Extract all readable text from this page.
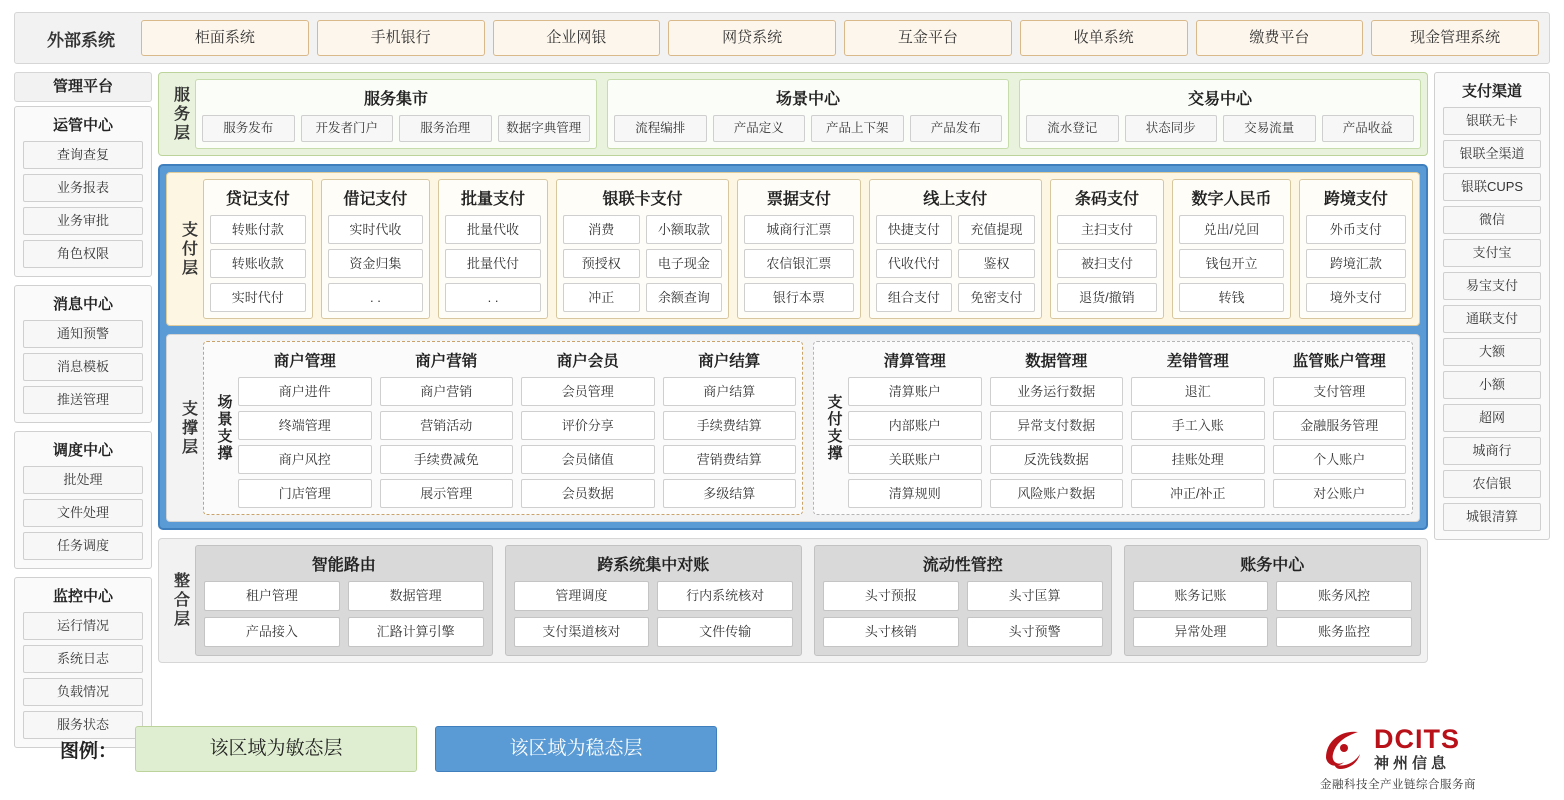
外部系统	柜面系统	手机银行	企业网银	网贷系统	互金平台	收单系统	缴费平台	现金管理系统
管理平台
运管中心
查询查复
业务报表
业务审批
角色权限
消息中心
通知预警
消息模板
推送管理
调度中心
批处理
文件处理
任务调度
监控中心
运行情况
系统日志
负载情况
服务状态
支付渠道
银联无卡
银联全渠道
银联CUPS
微信
支付宝
易宝支付
通联支付
大额
小额
超网
城商行
农信银
城银清算
服务层	服务集市
服务发布	开发者门户	服务治理	数据字典管理
场景中心
流程编排	产品定义	产品上下架	产品发布
交易中心
流水登记	状态同步	交易流量	产品收益
支付层
贷记支付
转账付款
转账收款
实时代付
借记支付
实时代收
资金归集
. .
批量支付
批量代收
批量代付
. .
银联卡支付
消费	小额取款
预授权	电子现金
冲正	余额查询
票据支付
城商行汇票
农信银汇票
银行本票
线上支付
快捷支付	充值提现
代收代付	鉴权
组合支付	免密支付
条码支付
主扫支付
被扫支付
退货/撤销
数字人民币
兑出/兑回
钱包开立
转钱
跨境支付
外币支付
跨境汇款
境外支付
支撑层	场景支撑
商户管理
商户进件
终端管理
商户风控
门店管理
商户营销
商户营销
营销活动
手续费减免
展示管理
商户会员
会员管理
评价分享
会员储值
会员数据
商户结算
商户结算
手续费结算
营销费结算
多级结算
支付支撑
清算管理
清算账户
内部账户
关联账户
清算规则
数据管理
业务运行数据
异常支付数据
反洗钱数据
风险账户数据
差错管理
退汇
手工入账
挂账处理
冲正/补正
监管账户管理
支付管理
金融服务管理
个人账户
对公账户
整合层
智能路由
租户管理	数据管理
产品接入	汇路计算引擎
跨系统集中对账
管理调度	行内系统核对
支付渠道核对	文件传输
流动性管控
头寸预报	头寸匡算
头寸核销	头寸预警
账务中心
账务记账	账务风控
异常处理	账务监控
图例：	该区域为敏态层	该区域为稳态层	DCITS
神州信息
金融科技全产业链综合服务商
